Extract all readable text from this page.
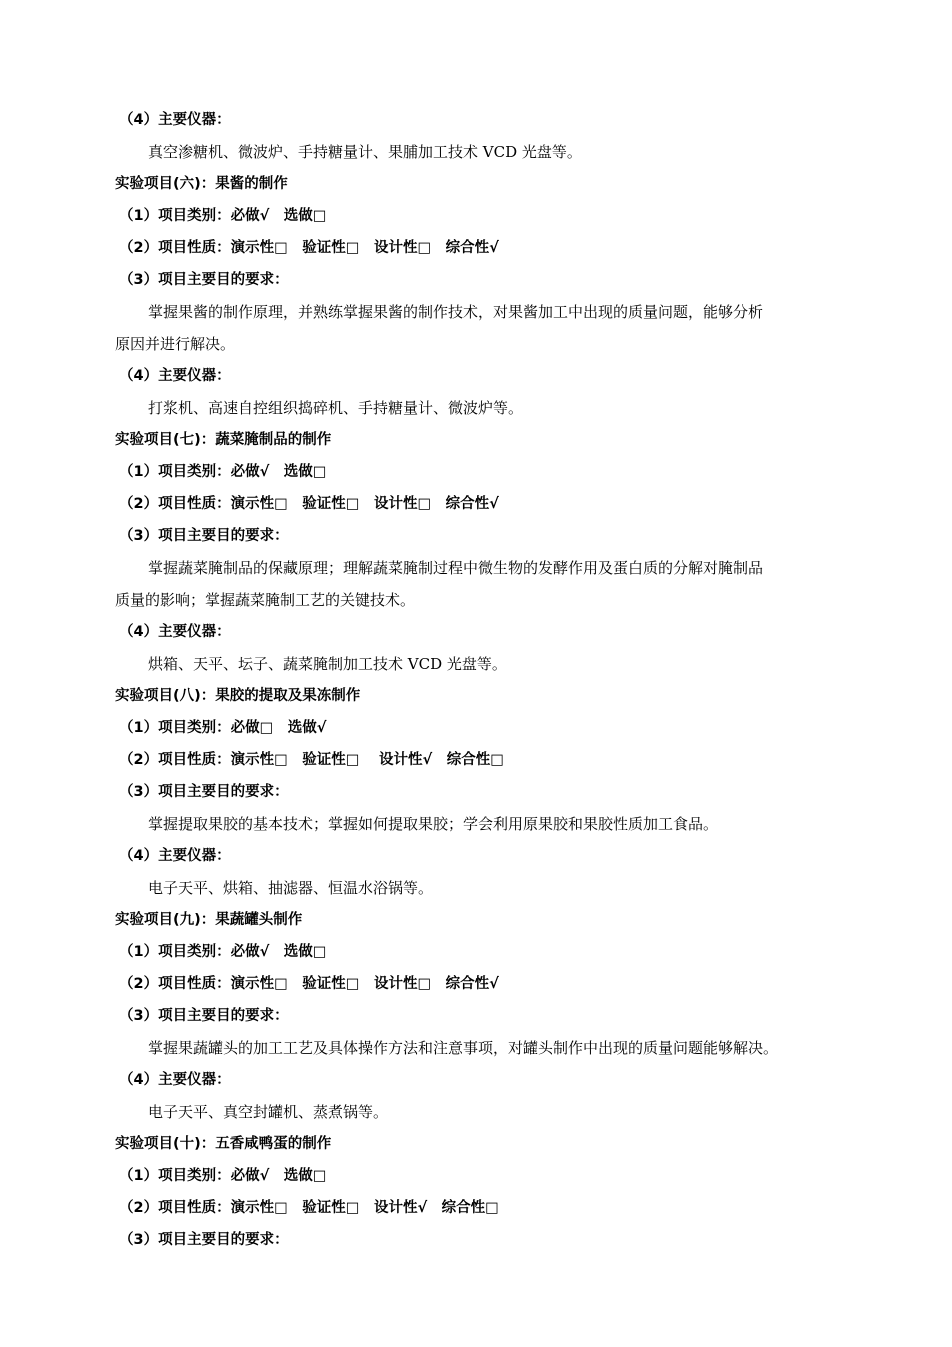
（4）主要仪器：
真空渗糖机、微波炉、手持糖量计、果脯加工技术 VCD 光盘等。
实验项目(六)：果酱的制作
（1）项目类别：必做√　选做□
（2）项目性质：演示性□　验证性□　设计性□　综合性√
（3）项目主要目的要求：
掌握果酱的制作原理，并熟练掌握果酱的制作技术，对果酱加工中出现的质量问题，能够分析
原因并进行解决。
（4）主要仪器：
打浆机、高速自控组织捣碎机、手持糖量计、微波炉等。
实验项目(七)：蔬菜腌制品的制作
（1）项目类别：必做√　选做□
（2）项目性质：演示性□　验证性□　设计性□　综合性√
（3）项目主要目的要求：
掌握蔬菜腌制品的保藏原理；理解蔬菜腌制过程中微生物的发酵作用及蛋白质的分解对腌制品
质量的影响；掌握蔬菜腌制工艺的关键技术。
（4）主要仪器：
烘箱、天平、坛子、蔬菜腌制加工技术 VCD 光盘等。
实验项目(八)：果胶的提取及果冻制作
（1）项目类别：必做□　选做√
（2）项目性质：演示性□　验证性□　 设计性√　综合性□
（3）项目主要目的要求：
掌握提取果胶的基本技术；掌握如何提取果胶；学会利用原果胶和果胶性质加工食品。
（4）主要仪器：
电子天平、烘箱、抽滤器、恒温水浴锅等。
实验项目(九)：果蔬罐头制作
（1）项目类别：必做√　选做□
（2）项目性质：演示性□　验证性□　设计性□　综合性√
（3）项目主要目的要求：
掌握果蔬罐头的加工工艺及具体操作方法和注意事项，对罐头制作中出现的质量问题能够解决。
（4）主要仪器：
电子天平、真空封罐机、蒸煮锅等。
实验项目(十)：五香咸鸭蛋的制作
（1）项目类别：必做√　选做□
（2）项目性质：演示性□　验证性□　设计性√　综合性□
（3）项目主要目的要求：
